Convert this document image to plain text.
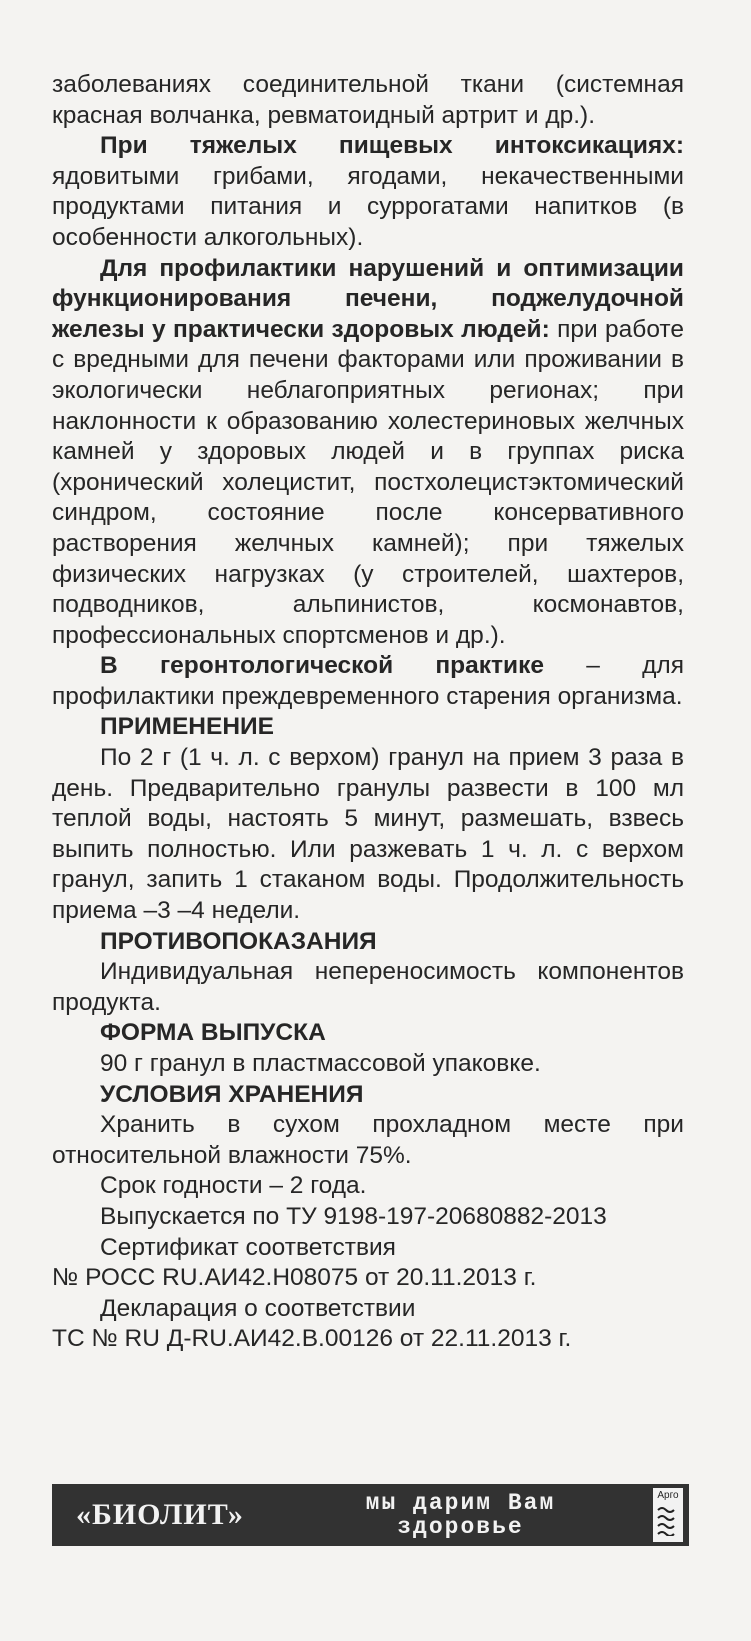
заболеваниях соединительной ткани (системная красная волчанка, ревматоидный артрит и др.).

При тяжелых пищевых интоксикациях: ядовитыми грибами, ягодами, некачественными продуктами питания и суррогатами напитков (в особенности алкогольных).

Для профилактики нарушений и оптимизации функционирования печени, поджелудочной железы у практически здоровых людей: при работе с вредными для печени факторами или проживании в экологически неблагоприятных регионах; при наклонности к образованию холестериновых желчных камней у здоровых людей и в группах риска (хронический холецистит, постхолецистэктомический синдром, состояние после консервативного растворения желчных камней); при тяжелых физических нагрузках (у строителей, шахтеров, подводников, альпинистов, космонавтов, профессиональных спортсменов и др.).

В геронтологической практике – для профилактики преждевременного старения организма.

ПРИМЕНЕНИЕ

По 2 г (1 ч. л. с верхом) гранул на прием 3 раза в день. Предварительно гранулы развести в 100 мл теплой воды, настоять 5 минут, размешать, взвесь выпить полностью. Или разжевать 1 ч. л. с верхом гранул, запить 1 стаканом воды. Продолжительность приема –3 –4 недели.

ПРОТИВОПОКАЗАНИЯ

Индивидуальная непереносимость компонентов продукта.

ФОРМА ВЫПУСКА

90 г гранул в пластмассовой упаковке.

УСЛОВИЯ ХРАНЕНИЯ

Хранить в сухом прохладном месте при относительной влажности 75%.

Срок годности – 2 года.

Выпускается по ТУ 9198-197-20680882-2013

Сертификат соответствия

№ РОСС RU.АИ42.Н08075 от 20.11.2013 г.

Декларация о соответствии

ТС № RU Д-RU.АИ42.В.00126 от 22.11.2013 г.

«БИОЛИТ»	мы дарим Вам
здоровье
Арго
